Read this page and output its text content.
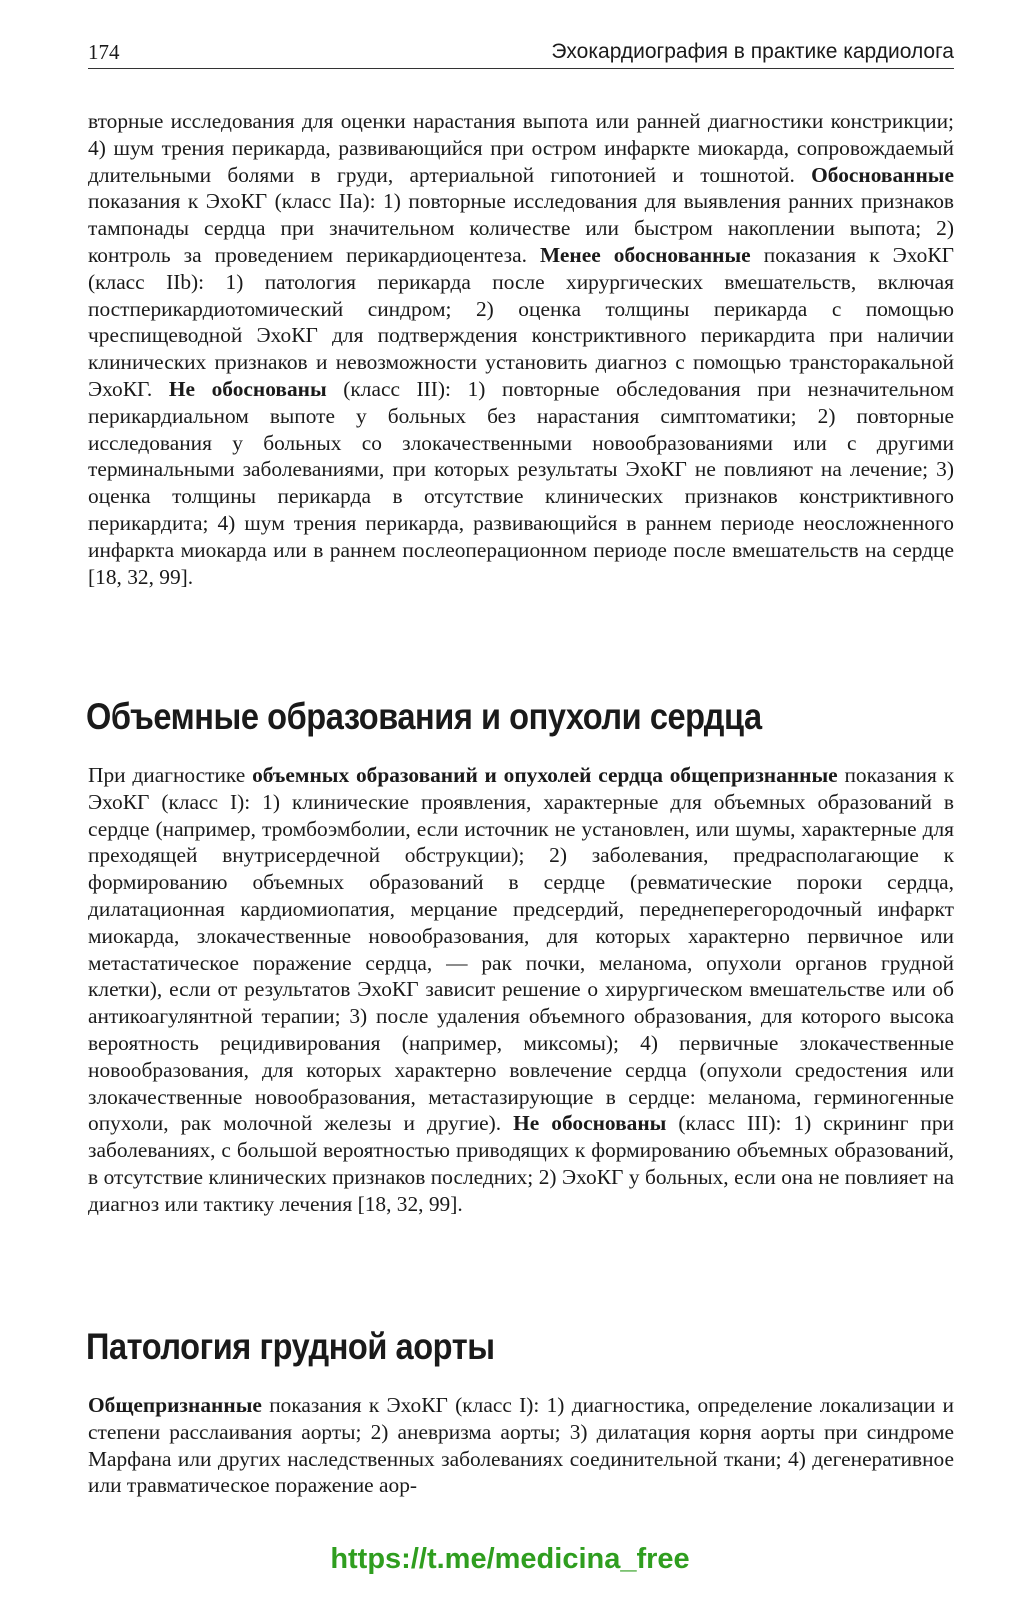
174	Эхокардиография в практике кардиолога

вторные исследования для оценки нарастания выпота или ранней диагностики констрикции; 4) шум трения перикарда, развивающийся при остром инфаркте миокарда, сопровождаемый длительными болями в груди, артериальной гипотонией и тошнотой. Обоснованные показания к ЭхоКГ (класс IIa): 1) повторные исследования для выявления ранних признаков тампонады сердца при значительном количестве или быстром накоплении выпота; 2) контроль за проведением перикардиоцентеза. Менее обоснованные показания к ЭхоКГ (класс IIb): 1) патология перикарда после хирургических вмешательств, включая постперикардиотомический синдром; 2) оценка толщины перикарда с помощью чреспищеводной ЭхоКГ для подтверждения констриктивного перикардита при наличии клинических признаков и невозможности установить диагноз с помощью трансторакальной ЭхоКГ. Не обоснованы (класс III): 1) повторные обследования при незначительном перикардиальном выпоте у больных без нарастания симптоматики; 2) повторные исследования у больных со злокачественными новообразованиями или с другими терминальными заболеваниями, при которых результаты ЭхоКГ не повлияют на лечение; 3) оценка толщины перикарда в отсутствие клинических признаков констриктивного перикардита; 4) шум трения перикарда, развивающийся в раннем периоде неосложненного инфаркта миокарда или в раннем послеоперационном периоде после вмешательств на сердце [18, 32, 99].

Объемные образования и опухоли сердца

При диагностике объемных образований и опухолей сердца общепризнанные показания к ЭхоКГ (класс I): 1) клинические проявления, характерные для объемных образований в сердце (например, тромбоэмболии, если источник не установлен, или шумы, характерные для преходящей внутрисердечной обструкции); 2) заболевания, предрасполагающие к формированию объемных образований в сердце (ревматические пороки сердца, дилатационная кардиомиопатия, мерцание предсердий, переднеперегородочный инфаркт миокарда, злокачественные новообразования, для которых характерно первичное или метастатическое поражение сердца, — рак почки, меланома, опухоли органов грудной клетки), если от результатов ЭхоКГ зависит решение о хирургическом вмешательстве или об антикоагулянтной терапии; 3) после удаления объемного образования, для которого высока вероятность рецидивирования (например, миксомы); 4) первичные злокачественные новообразования, для которых характерно вовлечение сердца (опухоли средостения или злокачественные новообразования, метастазирующие в сердце: меланома, герминогенные опухоли, рак молочной железы и другие). Не обоснованы (класс III): 1) скрининг при заболеваниях, с большой вероятностью приводящих к формированию объемных образований, в отсутствие клинических признаков последних; 2) ЭхоКГ у больных, если она не повлияет на диагноз или тактику лечения [18, 32, 99].

Патология грудной аорты

Общепризнанные показания к ЭхоКГ (класс I): 1) диагностика, определение локализации и степени расслаивания аорты; 2) аневризма аорты; 3) дилатация корня аорты при синдроме Марфана или других наследственных заболеваниях соединительной ткани; 4) дегенеративное или травматическое поражение аор-

https://t.me/medicina_free
